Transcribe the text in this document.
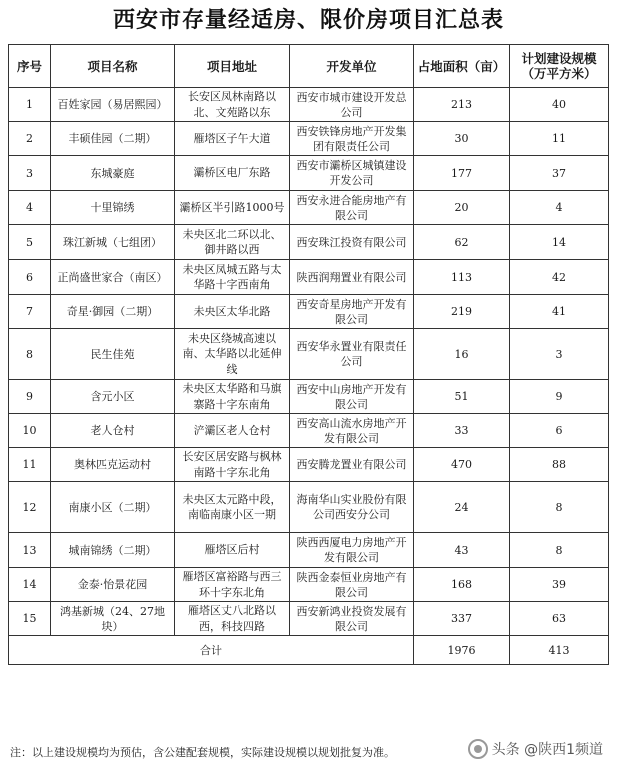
西安市存量经适房、限价房项目汇总表
序号	项目名称	项目地址	开发单位	占地面积（亩）	计划建设规模（万平方米）
1	百姓家园（易居熙园）	长安区凤林南路以北、文苑路以东	西安市城市建设开发总公司	213	40
2	丰硕佳园（二期）	雁塔区子午大道	西安铁锋房地产开发集团有限责任公司	30	11
3	东城豪庭	灞桥区电厂东路	西安市灞桥区城镇建设开发公司	177	37
4	十里锦绣	灞桥区半引路1000号	西安永进合能房地产有限公司	20	4
5	珠江新城（七组团）	未央区北二环以北、御井路以西	西安珠江投资有限公司	62	14
6	正尚盛世家合（南区）	未央区凤城五路与太华路十字西南角	陕西润翔置业有限公司	113	42
7	奇星·御园（二期）	未央区太华北路	西安奇星房地产开发有限公司	219	41
8	民生佳苑	未央区绕城高速以南、太华路以北延伸线	西安华永置业有限责任公司	16	3
9	含元小区	未央区太华路和马旗寨路十字东南角	西安中山房地产开发有限公司	51	9
10	老人仓村	浐灞区老人仓村	西安高山流水房地产开发有限公司	33	6
11	奥林匹克运动村	长安区居安路与枫林南路十字东北角	西安腾龙置业有限公司	470	88
12	南康小区（二期）	未央区太元路中段，南临南康小区一期	海南华山实业股份有限公司西安分公司	24	8
13	城南锦绣（二期）	雁塔区后村	陕西西厦电力房地产开发有限公司	43	8
14	金泰·怡景花园	雁塔区富裕路与西三环十字东北角	陕西金泰恒业房地产有限公司	168	39
15	鸿基新城（24、27地块）	雁塔区丈八北路以西，科技四路	西安新鸿业投资发展有限公司	337	63
合计				1976	413
注：以上建设规模均为预估，含公建配套规模，实际建设规模以规划批复为准。	头条 @陕西1频道
